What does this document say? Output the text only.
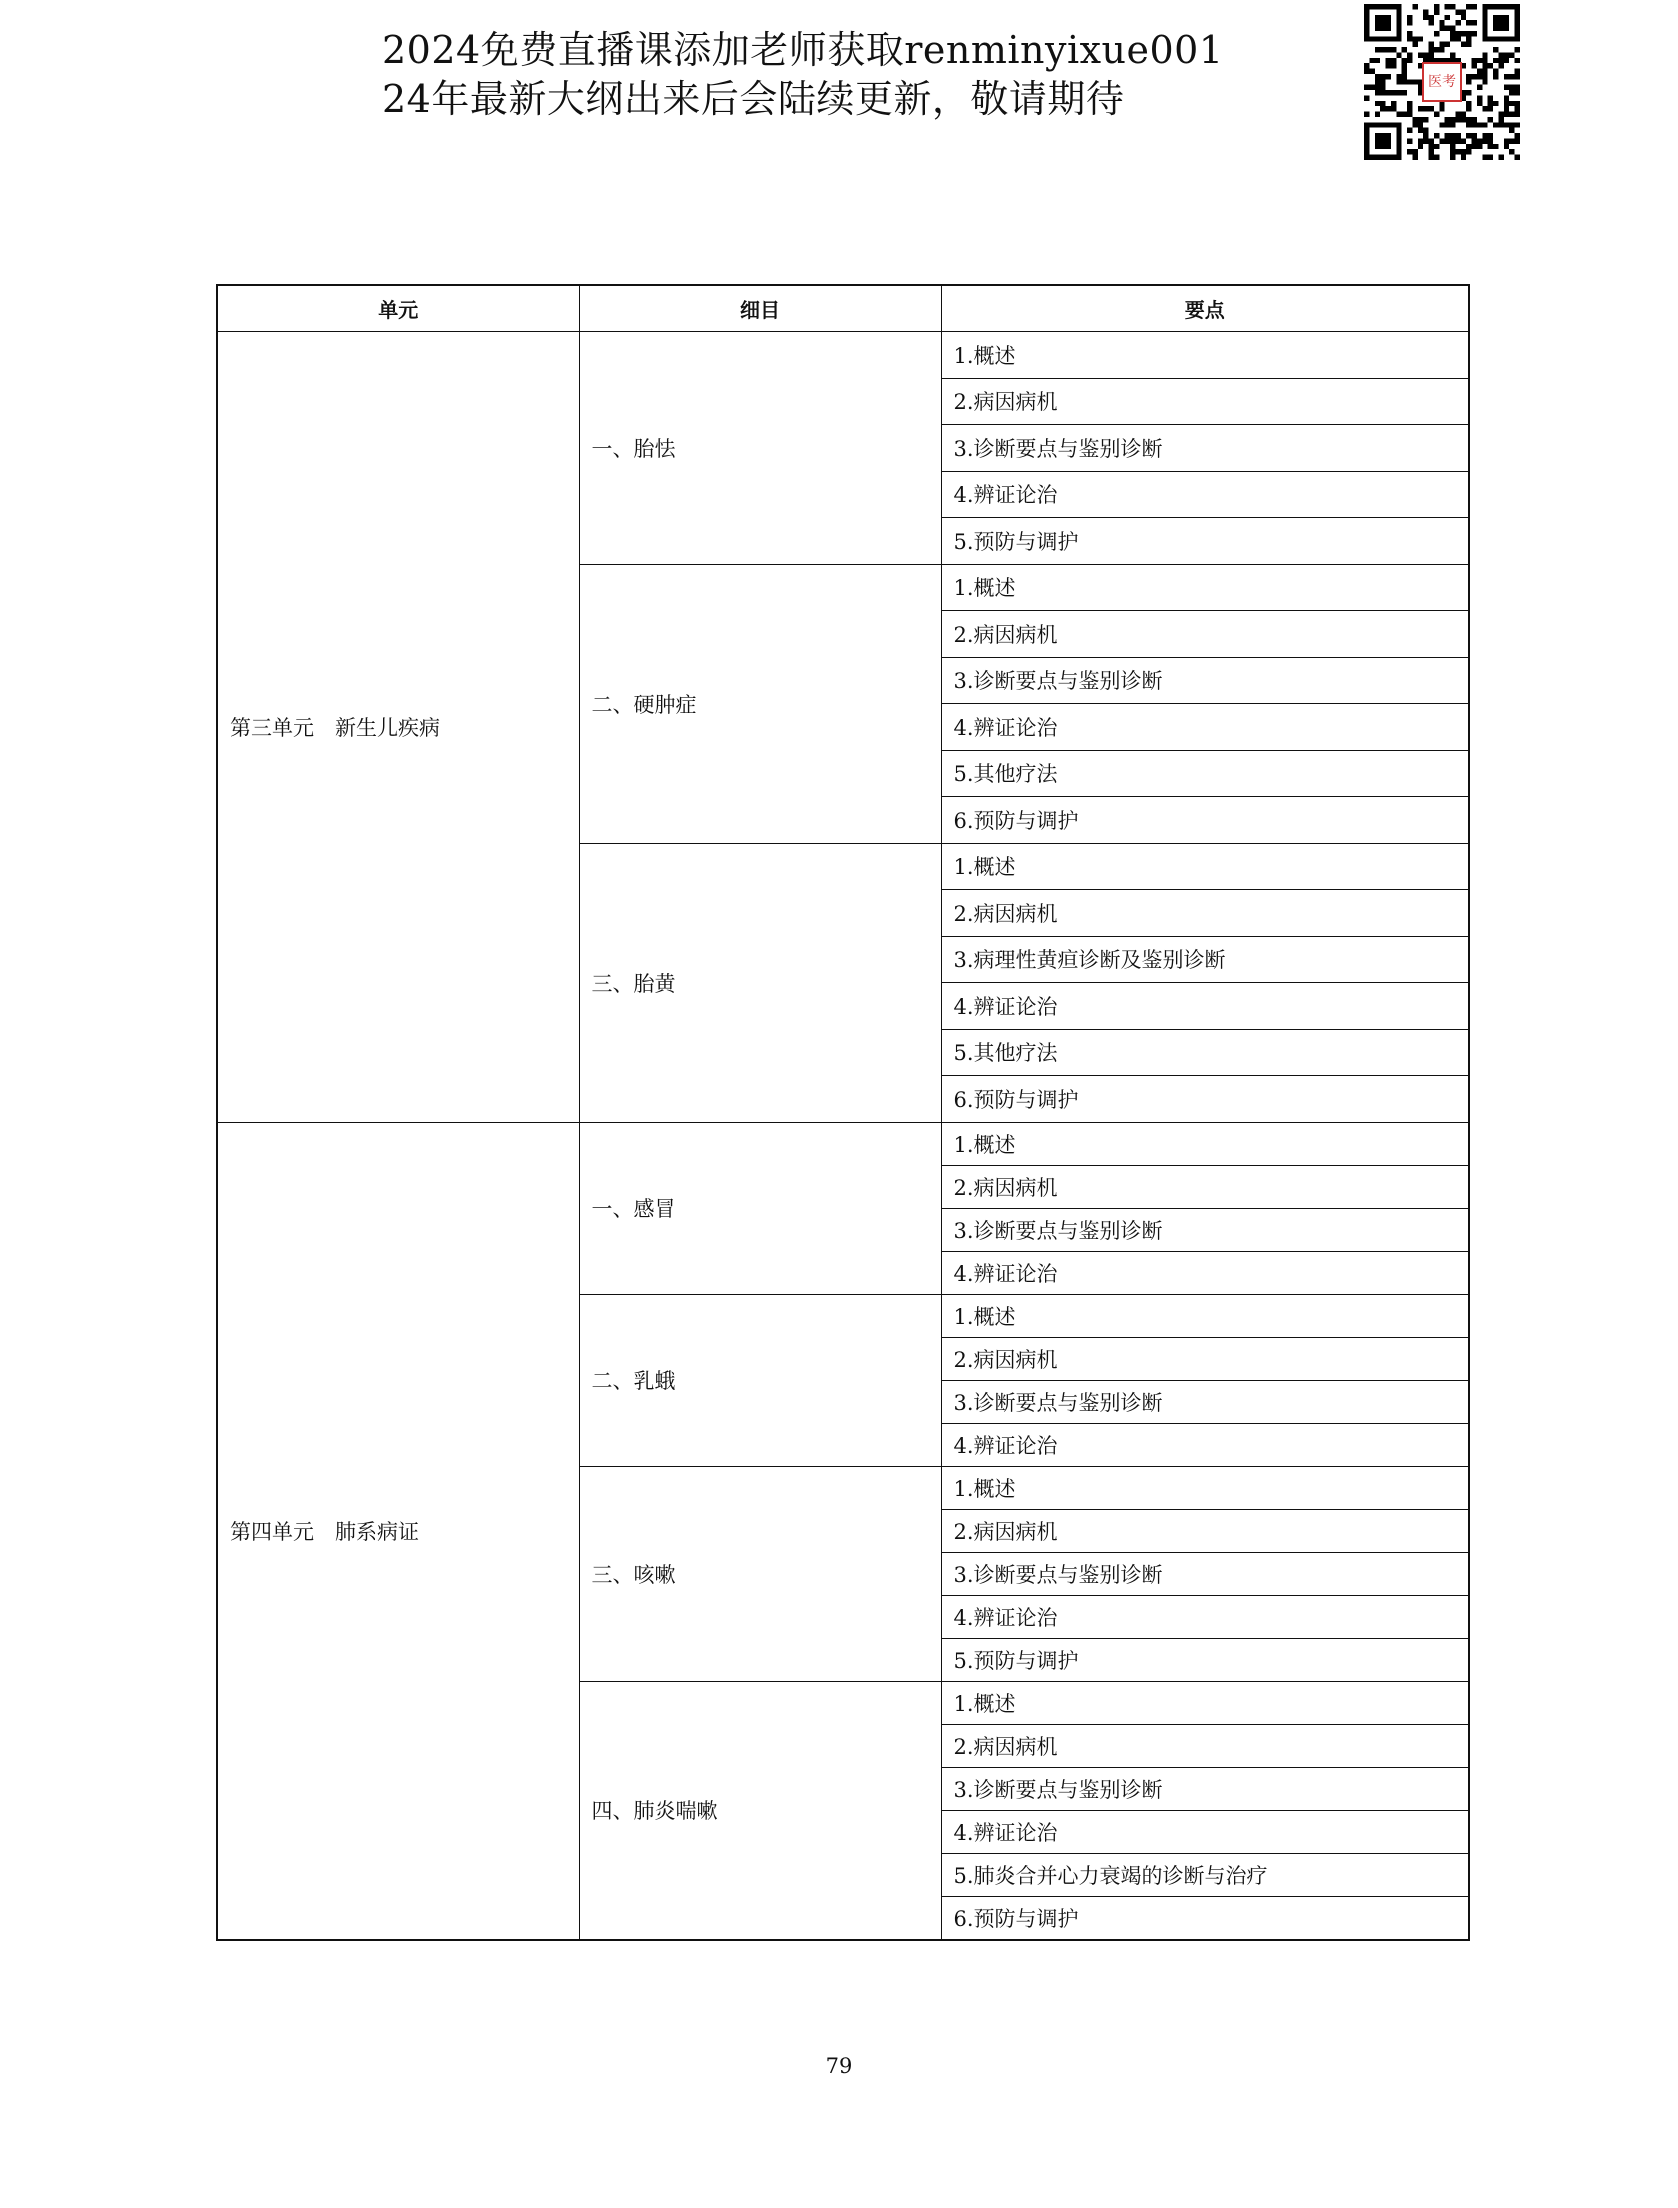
2024免费直播课添加老师获取renminyixue001
24年最新大纲出来后会陆续更新，敬请期待	医考
单元	细目	要点
第三单元　新生儿疾病	一、胎怯	1.概述
		2.病因病机
		3.诊断要点与鉴别诊断
		4.辨证论治
		5.预防与调护
	二、硬肿症	1.概述
		2.病因病机
		3.诊断要点与鉴别诊断
		4.辨证论治
		5.其他疗法
		6.预防与调护
	三、胎黄	1.概述
		2.病因病机
		3.病理性黄疸诊断及鉴别诊断
		4.辨证论治
		5.其他疗法
		6.预防与调护
第四单元　肺系病证	一、感冒	1.概述
		2.病因病机
		3.诊断要点与鉴别诊断
		4.辨证论治
	二、乳蛾	1.概述
		2.病因病机
		3.诊断要点与鉴别诊断
		4.辨证论治
	三、咳嗽	1.概述
		2.病因病机
		3.诊断要点与鉴别诊断
		4.辨证论治
		5.预防与调护
	四、肺炎喘嗽	1.概述
		2.病因病机
		3.诊断要点与鉴别诊断
		4.辨证论治
		5.肺炎合并心力衰竭的诊断与治疗
		6.预防与调护
79
